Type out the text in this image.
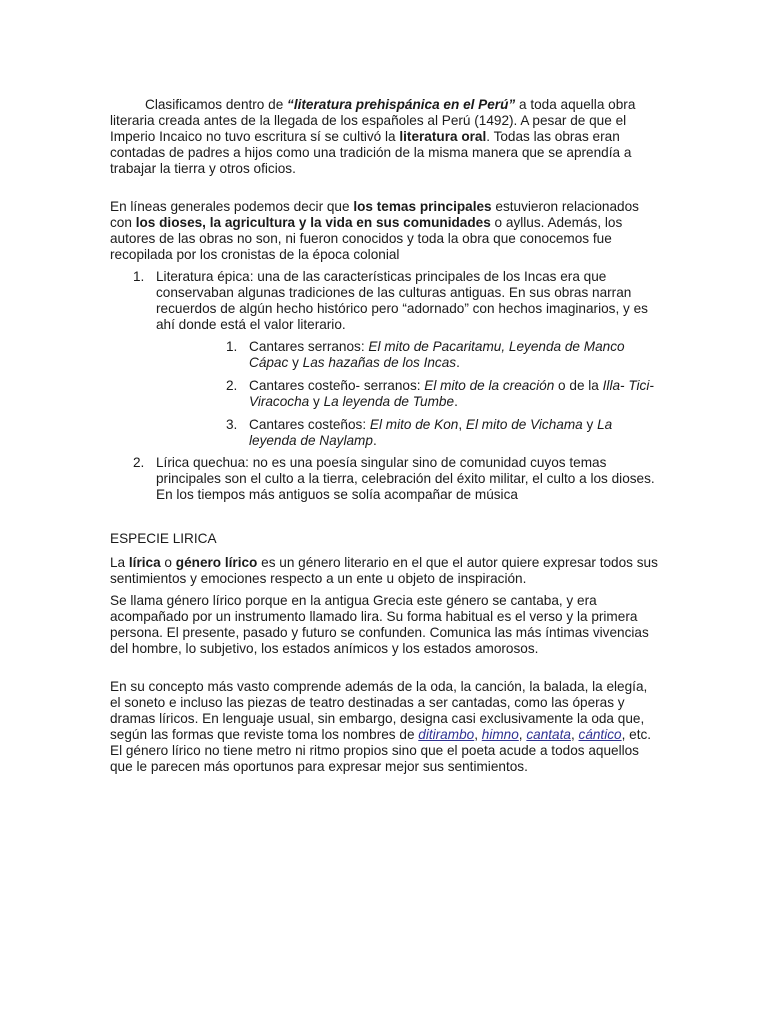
Clasificamos dentro de “literatura prehispánica en el Perú” a toda aquella obra literaria creada antes de la llegada de los españoles al Perú (1492). A pesar de que el Imperio Incaico no tuvo escritura sí se cultivó la literatura oral. Todas las obras eran contadas de padres a hijos como una tradición de la misma manera que se aprendía a trabajar la tierra y otros oficios.

En líneas generales podemos decir que los temas principales estuvieron relacionados con los dioses, la agricultura y la vida en sus comunidades o ayllus. Además, los autores de las obras no son, ni fueron conocidos y toda la obra que conocemos fue recopilada por los cronistas de la época colonial

1. Literatura épica: una de las características principales de los Incas era que conservaban algunas tradiciones de las culturas antiguas. En sus obras narran recuerdos de algún hecho histórico pero “adornado” con hechos imaginarios, y es ahí donde está el valor literario.
1. Cantares serranos: El mito de Pacaritamu, Leyenda de Manco Cápac y Las hazañas de los Incas.
2. Cantares costeño- serranos: El mito de la creación o de la Illa- Tici- Viracocha y La leyenda de Tumbe.
3. Cantares costeños: El mito de Kon, El mito de Vichama y La leyenda de Naylamp.
2. Lírica quechua: no es una poesía singular sino de comunidad cuyos temas principales son el culto a la tierra, celebración del éxito militar, el culto a los dioses. En los tiempos más antiguos se solía acompañar de música

ESPECIE LIRICA

La lírica o género lírico es un género literario en el que el autor quiere expresar todos sus sentimientos y emociones respecto a un ente u objeto de inspiración.

Se llama género lírico porque en la antigua Grecia este género se cantaba, y era acompañado por un instrumento llamado lira. Su forma habitual es el verso y la primera persona. El presente, pasado y futuro se confunden. Comunica las más íntimas vivencias del hombre, lo subjetivo, los estados anímicos y los estados amorosos.

En su concepto más vasto comprende además de la oda, la canción, la balada, la elegía, el soneto e incluso las piezas de teatro destinadas a ser cantadas, como las óperas y dramas líricos. En lenguaje usual, sin embargo, designa casi exclusivamente la oda que, según las formas que reviste toma los nombres de ditirambo, himno, cantata, cántico, etc. El género lírico no tiene metro ni ritmo propios sino que el poeta acude a todos aquellos que le parecen más oportunos para expresar mejor sus sentimientos.
